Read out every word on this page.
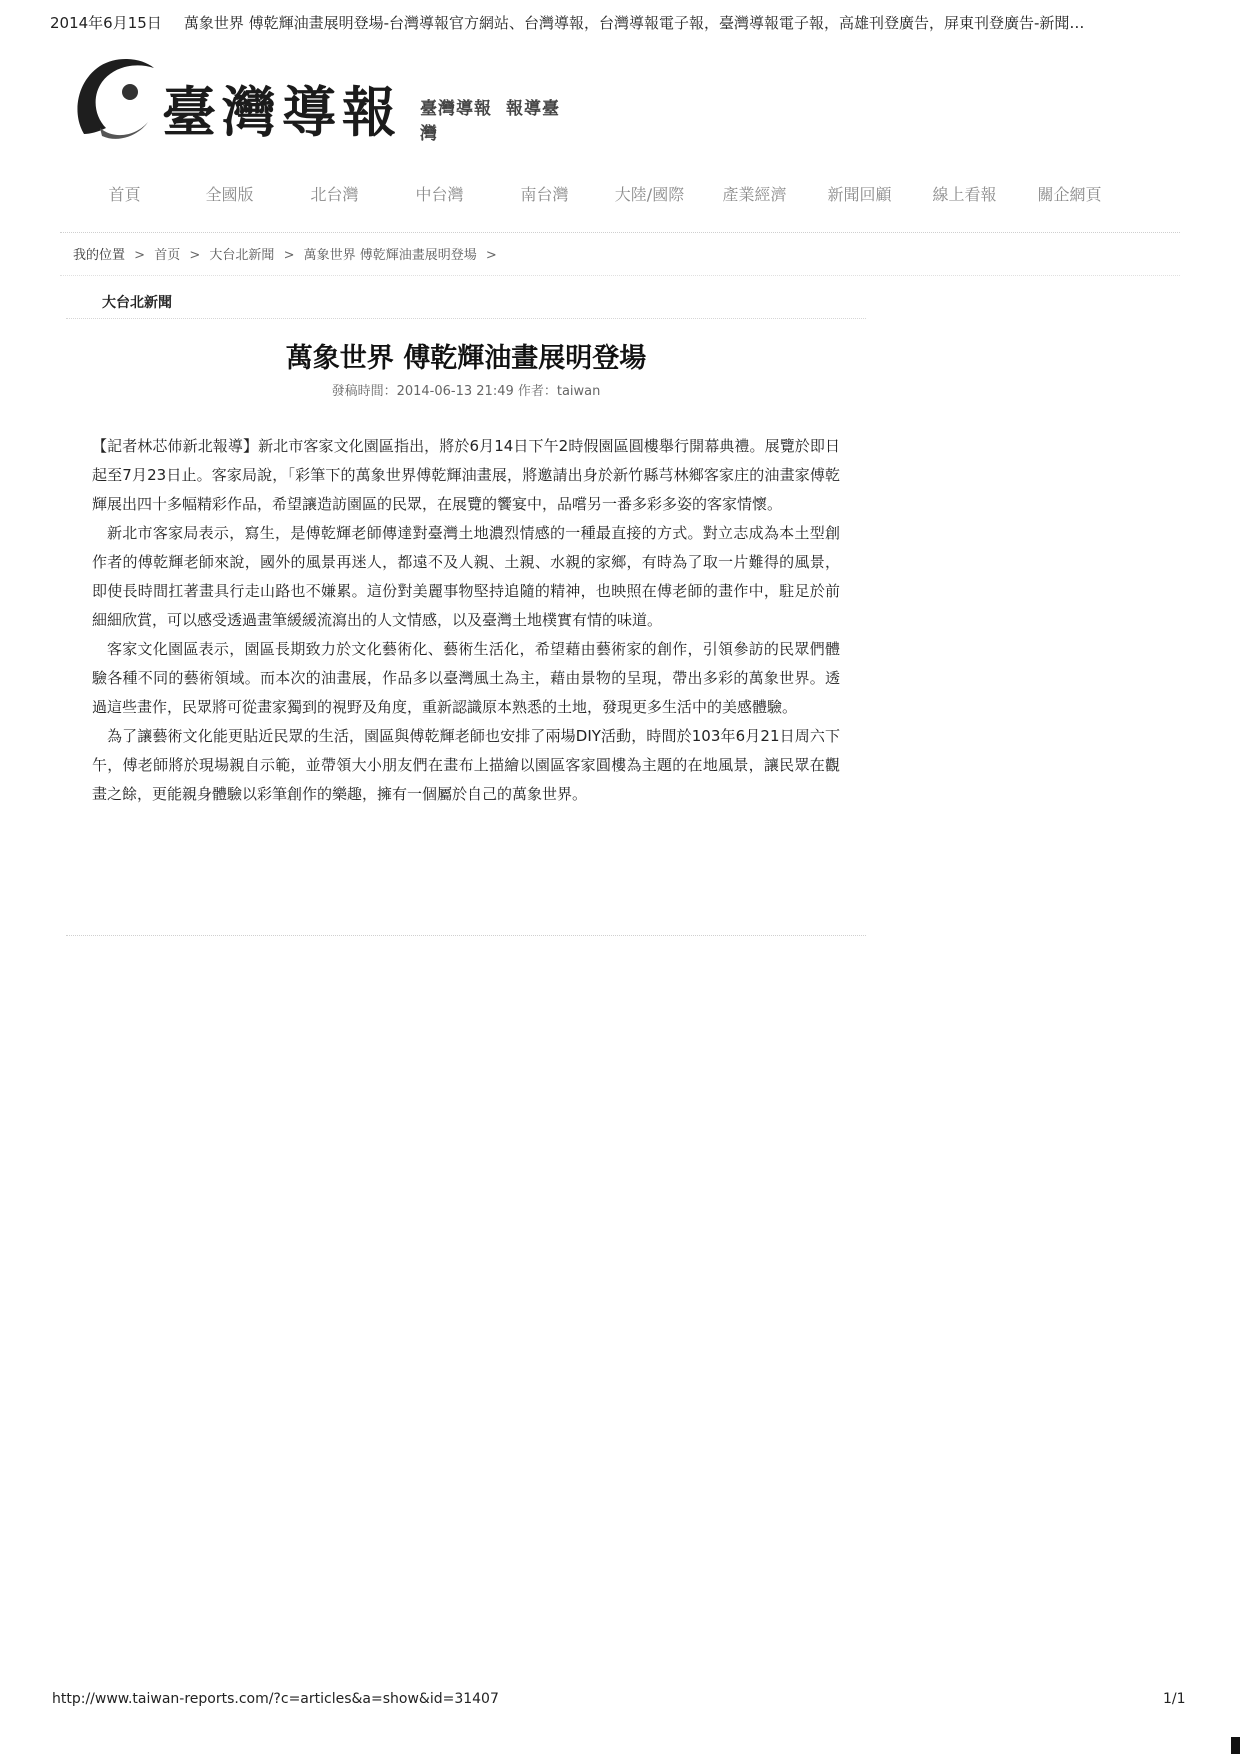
2014年6月15日 萬象世界 傅乾輝油畫展明登場-台灣導報官方網站、台灣導報，台灣導報電子報，臺灣導報電子報，高雄刊登廣告，屏東刊登廣告-新聞…
臺灣導報 臺灣導報 報導臺灣
首頁	全國版	北台灣	中台灣	南台灣	大陸/國際	產業經濟	新聞回顧	線上看報	關企網頁
我的位置 > 首页 > 大台北新聞 > 萬象世界 傅乾輝油畫展明登場 >
大台北新聞
萬象世界 傅乾輝油畫展明登場
發稿時間：2014-06-13 21:49 作者：taiwan

【記者林芯伂新北報導】新北市客家文化園區指出，將於6月14日下午2時假園區圓樓舉行開幕典禮。展覽於即日起至7月23日止。客家局說，「彩筆下的萬象世界傅乾輝油畫展，將邀請出身於新竹縣芎林鄉客家庄的油畫家傅乾輝展出四十多幅精彩作品，希望讓造訪園區的民眾，在展覽的饗宴中，品嚐另一番多彩多姿的客家情懷。

新北市客家局表示，寫生，是傅乾輝老師傳達對臺灣土地濃烈情感的一種最直接的方式。對立志成為本土型創作者的傅乾輝老師來說，國外的風景再迷人，都遠不及人親、土親、水親的家鄉，有時為了取一片難得的風景，即使長時間扛著畫具行走山路也不嫌累。這份對美麗事物堅持追隨的精神，也映照在傅老師的畫作中，駐足於前細細欣賞，可以感受透過畫筆緩緩流瀉出的人文情感，以及臺灣土地樸實有情的味道。

客家文化園區表示，園區長期致力於文化藝術化、藝術生活化，希望藉由藝術家的創作，引領參訪的民眾們體驗各種不同的藝術領域。而本次的油畫展，作品多以臺灣風土為主，藉由景物的呈現，帶出多彩的萬象世界。透過這些畫作，民眾將可從畫家獨到的視野及角度，重新認識原本熟悉的土地，發現更多生活中的美感體驗。

為了讓藝術文化能更貼近民眾的生活，園區與傅乾輝老師也安排了兩場DIY活動，時間於103年6月21日周六下午，傅老師將於現場親自示範，並帶領大小朋友們在畫布上描繪以園區客家圓樓為主題的在地風景，讓民眾在觀畫之餘，更能親身體驗以彩筆創作的樂趣，擁有一個屬於自己的萬象世界。

http://www.taiwan-reports.com/?c=articles&a=show&id=31407	1/1
